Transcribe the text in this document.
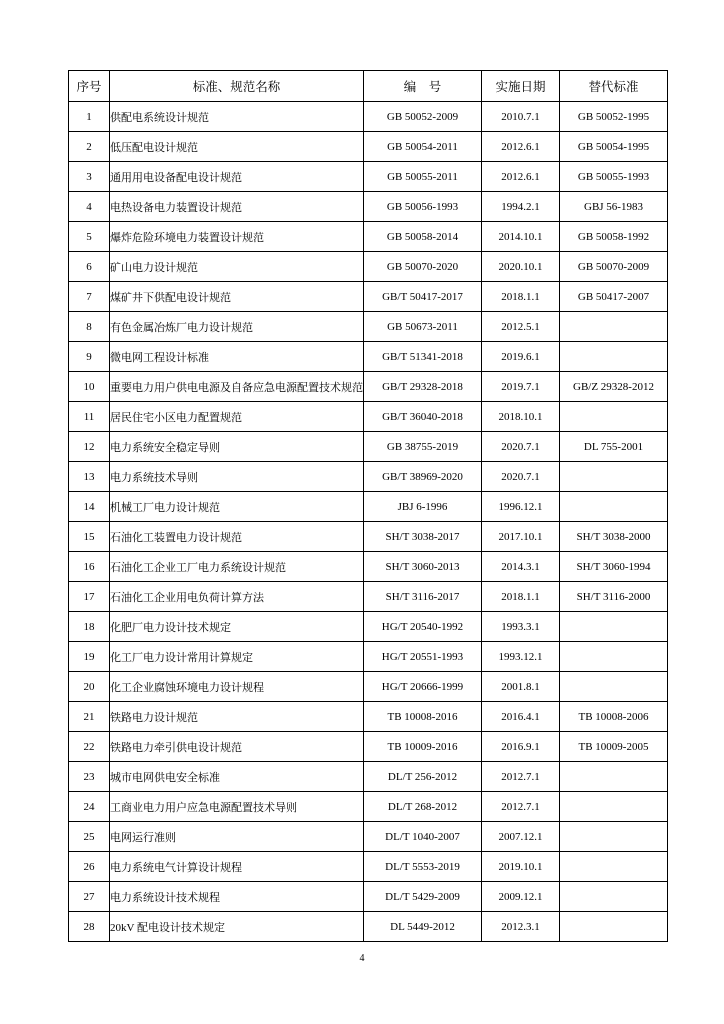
序号	标准、规范名称	编　号	实施日期	替代标准
1	供配电系统设计规范	GB 50052-2009	2010.7.1	GB 50052-1995
2	低压配电设计规范	GB 50054-2011	2012.6.1	GB 50054-1995
3	通用用电设备配电设计规范	GB 50055-2011	2012.6.1	GB 50055-1993
4	电热设备电力装置设计规范	GB 50056-1993	1994.2.1	GBJ 56-1983
5	爆炸危险环境电力装置设计规范	GB 50058-2014	2014.10.1	GB 50058-1992
6	矿山电力设计规范	GB 50070-2020	2020.10.1	GB 50070-2009
7	煤矿井下供配电设计规范	GB/T 50417-2017	2018.1.1	GB 50417-2007
8	有色金属冶炼厂电力设计规范	GB 50673-2011	2012.5.1	
9	微电网工程设计标准	GB/T 51341-2018	2019.6.1	
10	重要电力用户供电电源及自备应急电源配置技术规范	GB/T 29328-2018	2019.7.1	GB/Z 29328-2012
11	居民住宅小区电力配置规范	GB/T 36040-2018	2018.10.1	
12	电力系统安全稳定导则	GB 38755-2019	2020.7.1	DL 755-2001
13	电力系统技术导则	GB/T 38969-2020	2020.7.1	
14	机械工厂电力设计规范	JBJ 6-1996	1996.12.1	
15	石油化工装置电力设计规范	SH/T 3038-2017	2017.10.1	SH/T 3038-2000
16	石油化工企业工厂电力系统设计规范	SH/T 3060-2013	2014.3.1	SH/T 3060-1994
17	石油化工企业用电负荷计算方法	SH/T 3116-2017	2018.1.1	SH/T 3116-2000
18	化肥厂电力设计技术规定	HG/T 20540-1992	1993.3.1	
19	化工厂电力设计常用计算规定	HG/T 20551-1993	1993.12.1	
20	化工企业腐蚀环境电力设计规程	HG/T 20666-1999	2001.8.1	
21	铁路电力设计规范	TB 10008-2016	2016.4.1	TB 10008-2006
22	铁路电力牵引供电设计规范	TB 10009-2016	2016.9.1	TB 10009-2005
23	城市电网供电安全标准	DL/T 256-2012	2012.7.1	
24	工商业电力用户应急电源配置技术导则	DL/T 268-2012	2012.7.1	
25	电网运行准则	DL/T 1040-2007	2007.12.1	
26	电力系统电气计算设计规程	DL/T 5553-2019	2019.10.1	
27	电力系统设计技术规程	DL/T 5429-2009	2009.12.1	
28	20kV 配电设计技术规定	DL 5449-2012	2012.3.1	
4
